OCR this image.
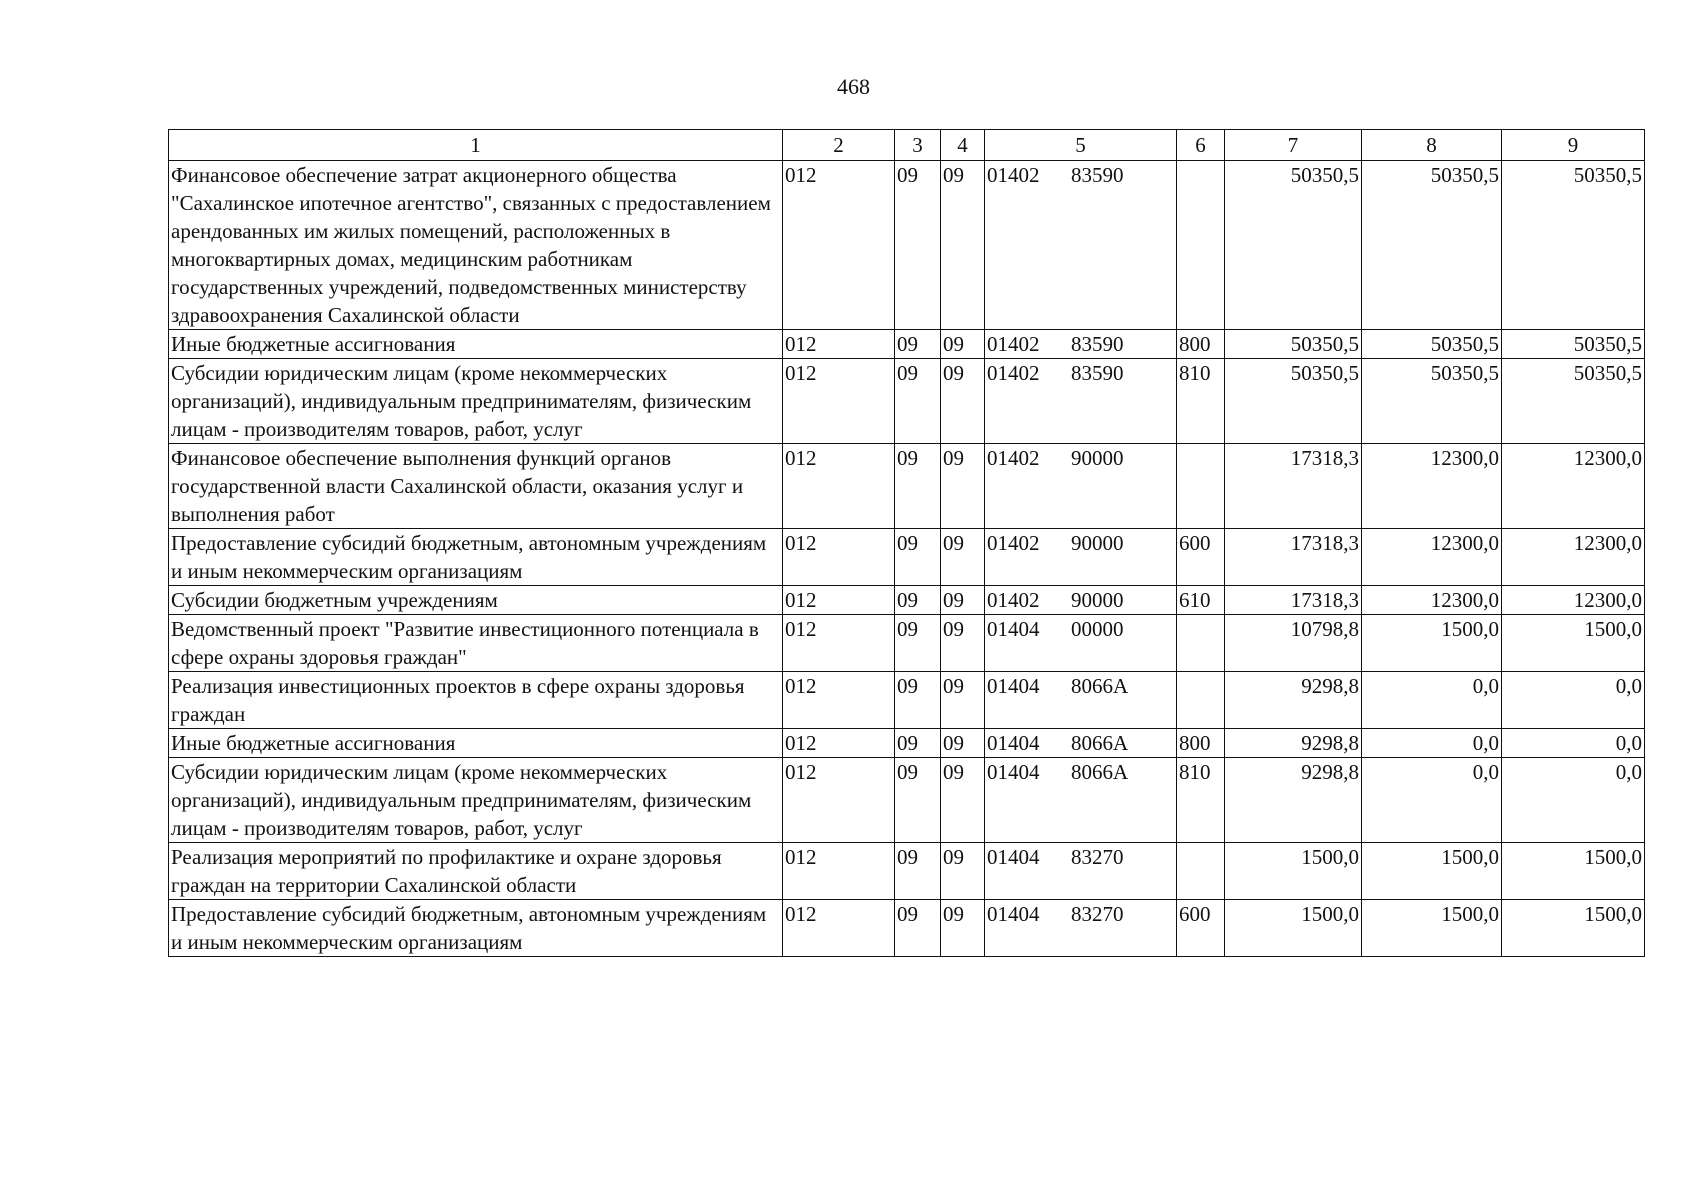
468
1	2	3	4	5	6	7	8	9
Финансовое обеспечение затрат акционерного общества "Сахалинское ипотечное агентство", связанных с предоставлением арендованных им жилых помещений, расположенных в многоквартирных домах, медицинским работникам государственных учреждений, подведомственных министерству здравоохранения Сахалинской области	012	09	09	01402 83590		50350,5	50350,5	50350,5
Иные бюджетные ассигнования	012	09	09	01402 83590	800	50350,5	50350,5	50350,5
Субсидии юридическим лицам (кроме некоммерческих организаций), индивидуальным предпринимателям, физическим лицам - производителям товаров, работ, услуг	012	09	09	01402 83590	810	50350,5	50350,5	50350,5
Финансовое обеспечение выполнения функций органов государственной власти Сахалинской области, оказания услуг и выполнения работ	012	09	09	01402 90000		17318,3	12300,0	12300,0
Предоставление субсидий бюджетным, автономным учреждениям и иным некоммерческим организациям	012	09	09	01402 90000	600	17318,3	12300,0	12300,0
Субсидии бюджетным учреждениям	012	09	09	01402 90000	610	17318,3	12300,0	12300,0
Ведомственный проект "Развитие инвестиционного потенциала в сфере охраны здоровья граждан"	012	09	09	01404 00000		10798,8	1500,0	1500,0
Реализация инвестиционных проектов в сфере охраны здоровья граждан	012	09	09	01404 8066А		9298,8	0,0	0,0
Иные бюджетные ассигнования	012	09	09	01404 8066А	800	9298,8	0,0	0,0
Субсидии юридическим лицам (кроме некоммерческих организаций), индивидуальным предпринимателям, физическим лицам - производителям товаров, работ, услуг	012	09	09	01404 8066А	810	9298,8	0,0	0,0
Реализация мероприятий по профилактике и охране здоровья граждан на территории Сахалинской области	012	09	09	01404 83270		1500,0	1500,0	1500,0
Предоставление субсидий бюджетным, автономным учреждениям и иным некоммерческим организациям	012	09	09	01404 83270	600	1500,0	1500,0	1500,0
